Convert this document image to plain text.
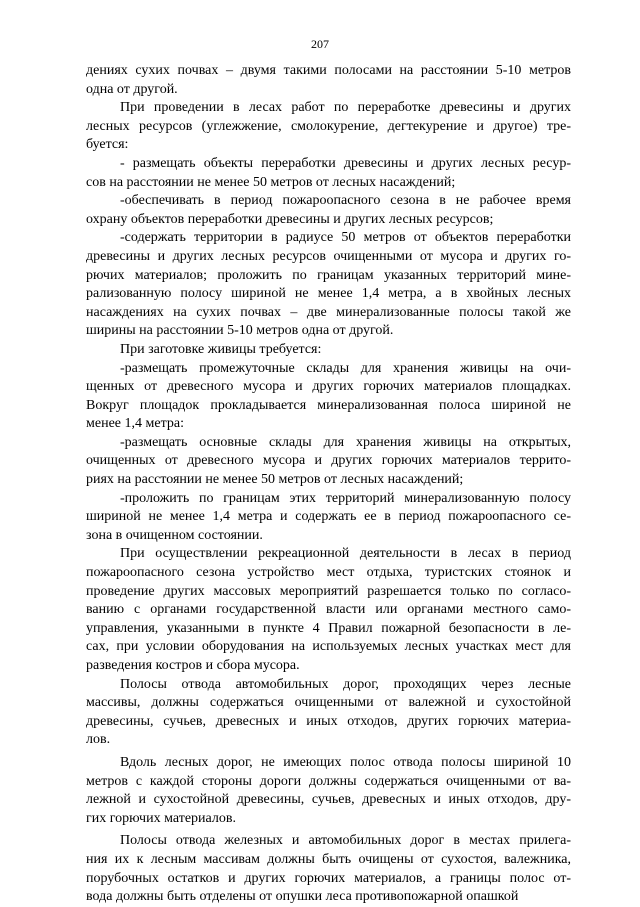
207
дениях сухих почвах – двумя такими полосами на расстоянии 5-10 метров
одна от другой.
При проведении в лесах работ по переработке древесины и других
лесных ресурсов (углежжение, смолокурение, дегтекурение и другое) тре-
буется:
- размещать объекты переработки древесины и других лесных ресур-
сов на расстоянии не менее 50 метров от лесных насаждений;
-обеспечивать в период пожароопасного сезона в не рабочее время
охрану объектов переработки древесины и других лесных ресурсов;
-содержать территории в радиусе 50 метров от объектов переработки
древесины и других лесных ресурсов очищенными от мусора и других го-
рючих материалов; проложить по границам указанных территорий мине-
рализованную полосу шириной не менее 1,4 метра, а в хвойных лесных
насаждениях на сухих почвах – две минерализованные полосы такой же
ширины на расстоянии 5-10 метров одна от другой.
При заготовке живицы требуется:
-размещать промежуточные склады для хранения живицы на очи-
щенных от древесного мусора и других горючих материалов площадках.
Вокруг площадок прокладывается минерализованная полоса шириной не
менее 1,4 метра:
-размещать основные склады для хранения живицы на открытых,
очищенных от древесного мусора и других горючих материалов террито-
риях на расстоянии не менее 50 метров от лесных насаждений;
-проложить по границам этих территорий минерализованную полосу
шириной не менее 1,4 метра и содержать ее в период пожароопасного се-
зона в очищенном состоянии.
При осуществлении рекреационной деятельности в лесах в период
пожароопасного сезона устройство мест отдыха, туристских стоянок и
проведение других массовых мероприятий разрешается только по согласо-
ванию с органами государственной власти или органами местного само-
управления, указанными в пункте 4 Правил пожарной безопасности в ле-
сах, при условии оборудования на используемых лесных участках мест для
разведения костров и сбора мусора.
Полосы отвода автомобильных дорог, проходящих через лесные
массивы, должны содержаться очищенными от валежной и сухостойной
древесины, сучьев, древесных и иных отходов, других горючих материа-
лов.
Вдоль лесных дорог, не имеющих полос отвода полосы шириной 10
метров с каждой стороны дороги должны содержаться очищенными от ва-
лежной и сухостойной древесины, сучьев, древесных и иных отходов, дру-
гих горючих материалов.
Полосы отвода железных и автомобильных дорог в местах прилега-
ния их к лесным массивам должны быть очищены от сухостоя, валежника,
порубочных остатков и других горючих материалов, а границы полос от-
вода должны быть отделены от опушки леса противопожарной опашкой
